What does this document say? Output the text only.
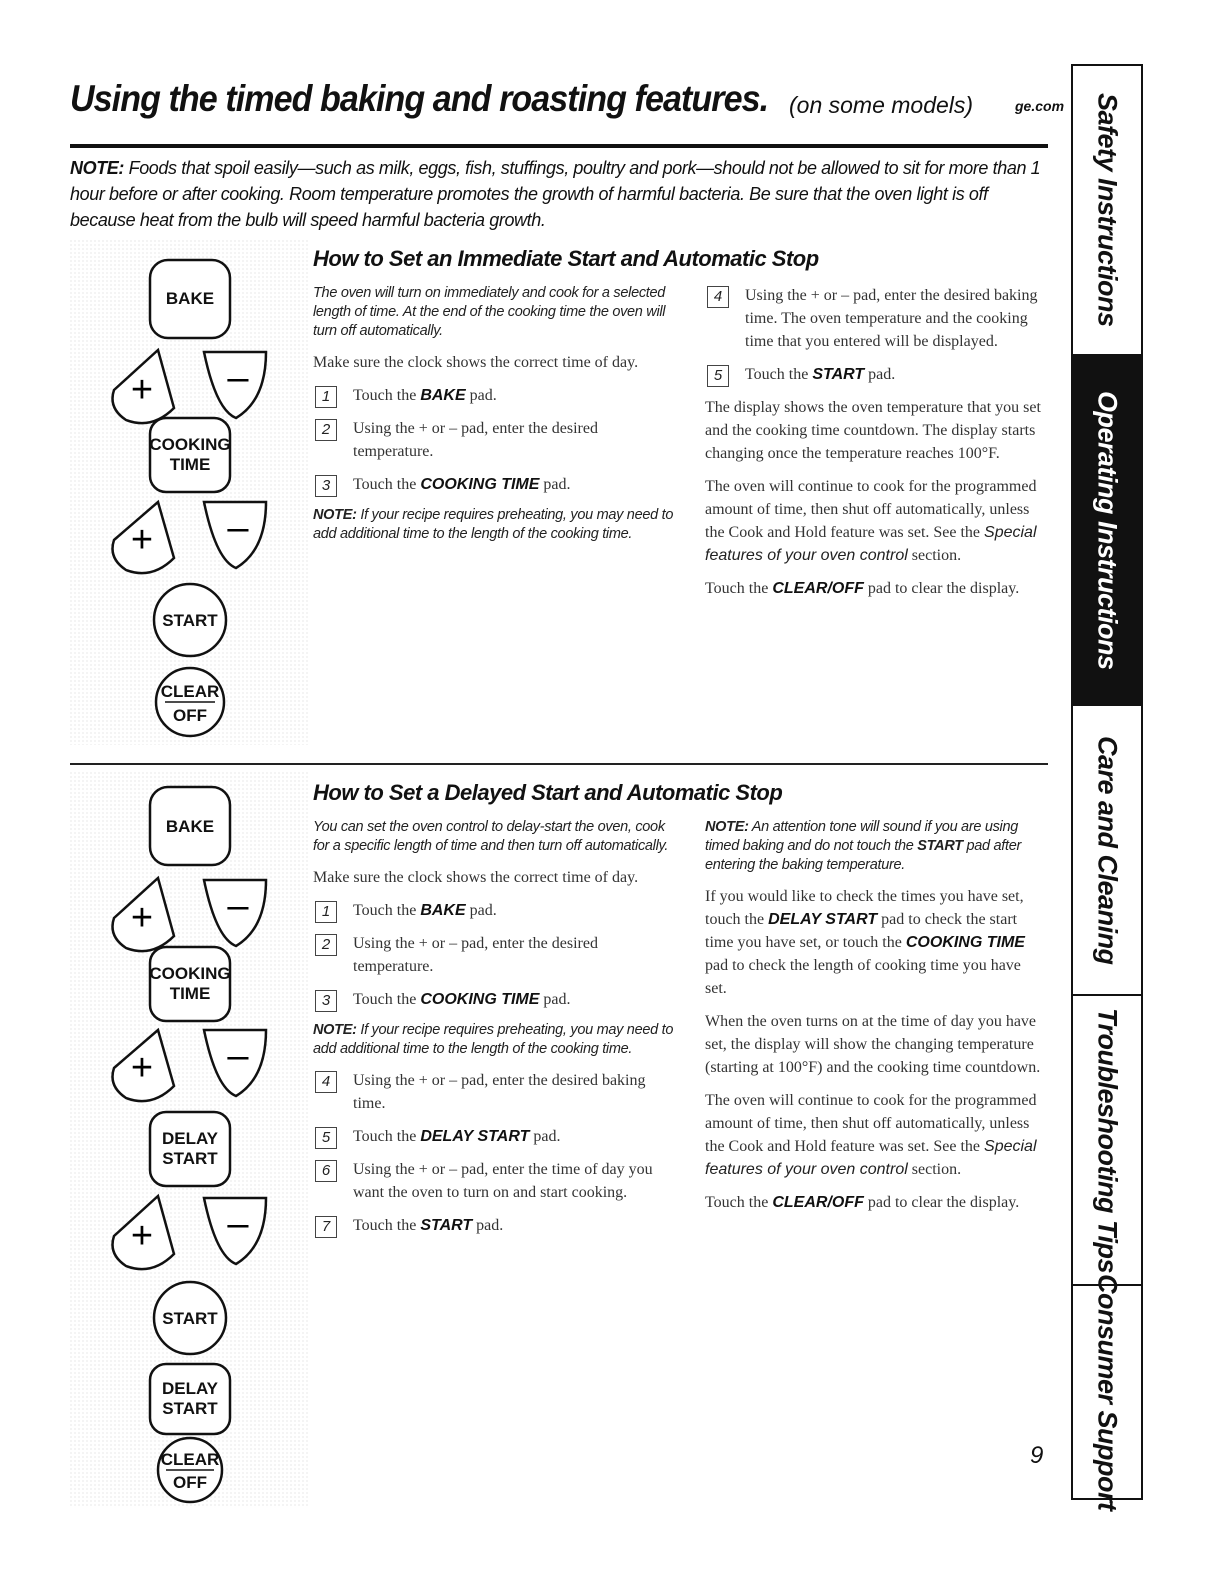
Using the timed baking and roasting features. (on some models)	ge.com
NOTE: Foods that spoil easily—such as milk, eggs, fish, stuffings, poultry and pork—should not be allowed to sit for more than 1 hour before or after cooking. Room temperature promotes the growth of harmful bacteria. Be sure that the oven light is off because heat from the bulb will speed harmful bacteria growth.
How to Set an Immediate Start and Automatic Stop

The oven will turn on immediately and cook for a selected length of time. At the end of the cooking time the oven will turn off automatically.

Make sure the clock shows the correct time of day.

1	Touch the BAKE pad.
2	Using the + or – pad, enter the desired temperature.
3	Touch the COOKING TIME pad.

NOTE: If your recipe requires preheating, you may need to add additional time to the length of the cooking time.

4	Using the + or – pad, enter the desired baking time. The oven temperature and the cooking time that you entered will be displayed.
5	Touch the START pad.

The display shows the oven temperature that you set and the cooking time countdown. The display starts changing once the temperature reaches 100°F.

The oven will continue to cook for the programmed amount of time, then shut off automatically, unless the Cook and Hold feature was set. See the Special features of your oven control section.

Touch the CLEAR/OFF pad to clear the display.

How to Set a Delayed Start and Automatic Stop

You can set the oven control to delay-start the oven, cook for a specific length of time and then turn off automatically.

Make sure the clock shows the correct time of day.

1	Touch the BAKE pad.
2	Using the + or – pad, enter the desired temperature.
3	Touch the COOKING TIME pad.

NOTE: If your recipe requires preheating, you may need to add additional time to the length of the cooking time.

4	Using the + or – pad, enter the desired baking time.
5	Touch the DELAY START pad.
6	Using the + or – pad, enter the time of day you want the oven to turn on and start cooking.
7	Touch the START pad.

NOTE: An attention tone will sound if you are using timed baking and do not touch the START pad after entering the baking temperature.

If you would like to check the times you have set, touch the DELAY START pad to check the start time you have set, or touch the COOKING TIME pad to check the length of cooking time you have set.

When the oven turns on at the time of day you have set, the display will show the changing temperature (starting at 100°F) and the cooking time countdown.

The oven will continue to cook for the programmed amount of time, then shut off automatically, unless the Cook and Hold feature was set. See the Special features of your oven control section.

Touch the CLEAR/OFF pad to clear the display.

BAKE
+ –
COOKING
TIME
+ –
START
CLEAR
OFF
BAKE
+ –
COOKING
TIME
+ –
DELAY
START
+ –
START
DELAY
START
CLEAR
OFF
9
Safety Instructions
Operating Instructions
Care and Cleaning
Troubleshooting Tips
Consumer Support
